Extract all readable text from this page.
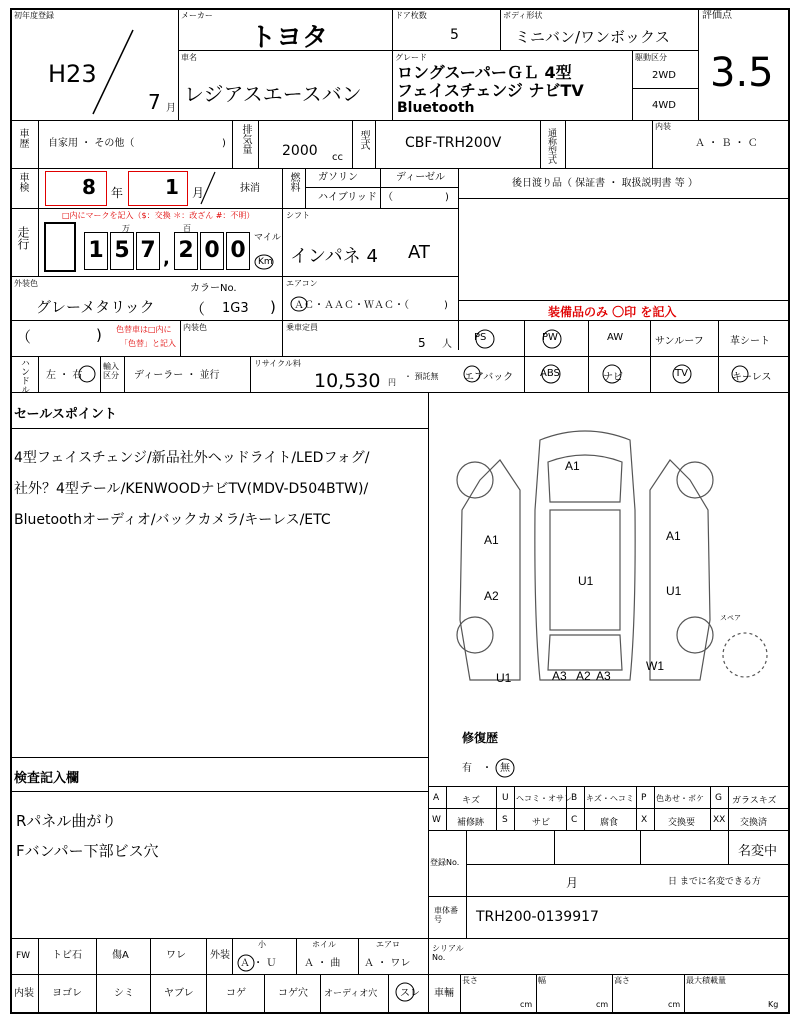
初年度登録
H23
7 月
メーカー
トヨタ
ドア枚数
5
ボディ形状
ミニバン/ワンボックス
評価点
3.5
車名
レジアスエースバン
グレード
ロングスーパーＧＬ 4型
フェイスチェンジ ナビTV
Bluetooth
駆動区分
2WD
4WD
車歴 自家用 ・ その他（	) 排気量 2000 cc
型式	CBF-TRH200V	通称型式
内装
Ａ ・ Ｂ ・ Ｃ
車検	8 年 1 月	抹消	燃料 ガソリン	ディーゼル
ハイブリッド （	)
後日渡り品（ 保証書 ・ 取扱説明書 等 ）
走行
□内にマークを記入（$：交換 ＊：改ざん #：不明）
万	百
1 5 7 , 2 0 0 マイル
Km
シフト
インパネ 4 AT
外装色
グレーメタリック
カラーNo.
（ 1G3 )
エアコン
ＡＣ・ＡＡＣ・ＷＡＣ・（	)	装備品のみ 〇印 を記入
（	) 色替車は□内に
「色替」と記入
内装色	乗車定員
5 人
PS	PW	AW	サンルーフ	革シート
ハンドル 左 ・ 右
輸入区分	ディーラー ・ 並行
リサイクル料
10,530 円
・ 預託無	エアバック	ABS	ナビ	TV	キーレス
セールスポイント
4型フェイスチェンジ/新品社外ヘッドライト/LEDフォグ/
社外？4型テール/KENWOODナビTV(MDV-D504BTW)/
Bluetoothオーディオ/バックカメラ/キーレス/ETC
A1
A1	A1
U1
A2	U1
A3 A2 A3
W1
U1
スペア
修復歴
有 ・ 無
検査記入欄
Rパネル曲がり
Fバンパー下部ビス穴
A	キズ U ヘコミ・オサレ B キズ・ヘコミ P 色あせ・ボケ G ガラスキズ
W 補修跡 S	サビ C	腐食	X 交換要 XX 交換済
名変中
登録No.
月	日 までに名変できる方
車体番号	TRH200-0139917
FW トビ石	傷A	ワレ 外装
小
Ａ ・ Ｕ
ホイル
Ａ ・ 曲
エアロ
Ａ ・ ワレ
シリアルNo.
内装 ヨゴレ	シミ	ヤブレ	コゲ	コゲ穴 オーディオ穴 スレ 車輛
長さ
cm
幅
cm
高さ
cm
最大積載量
Kg
